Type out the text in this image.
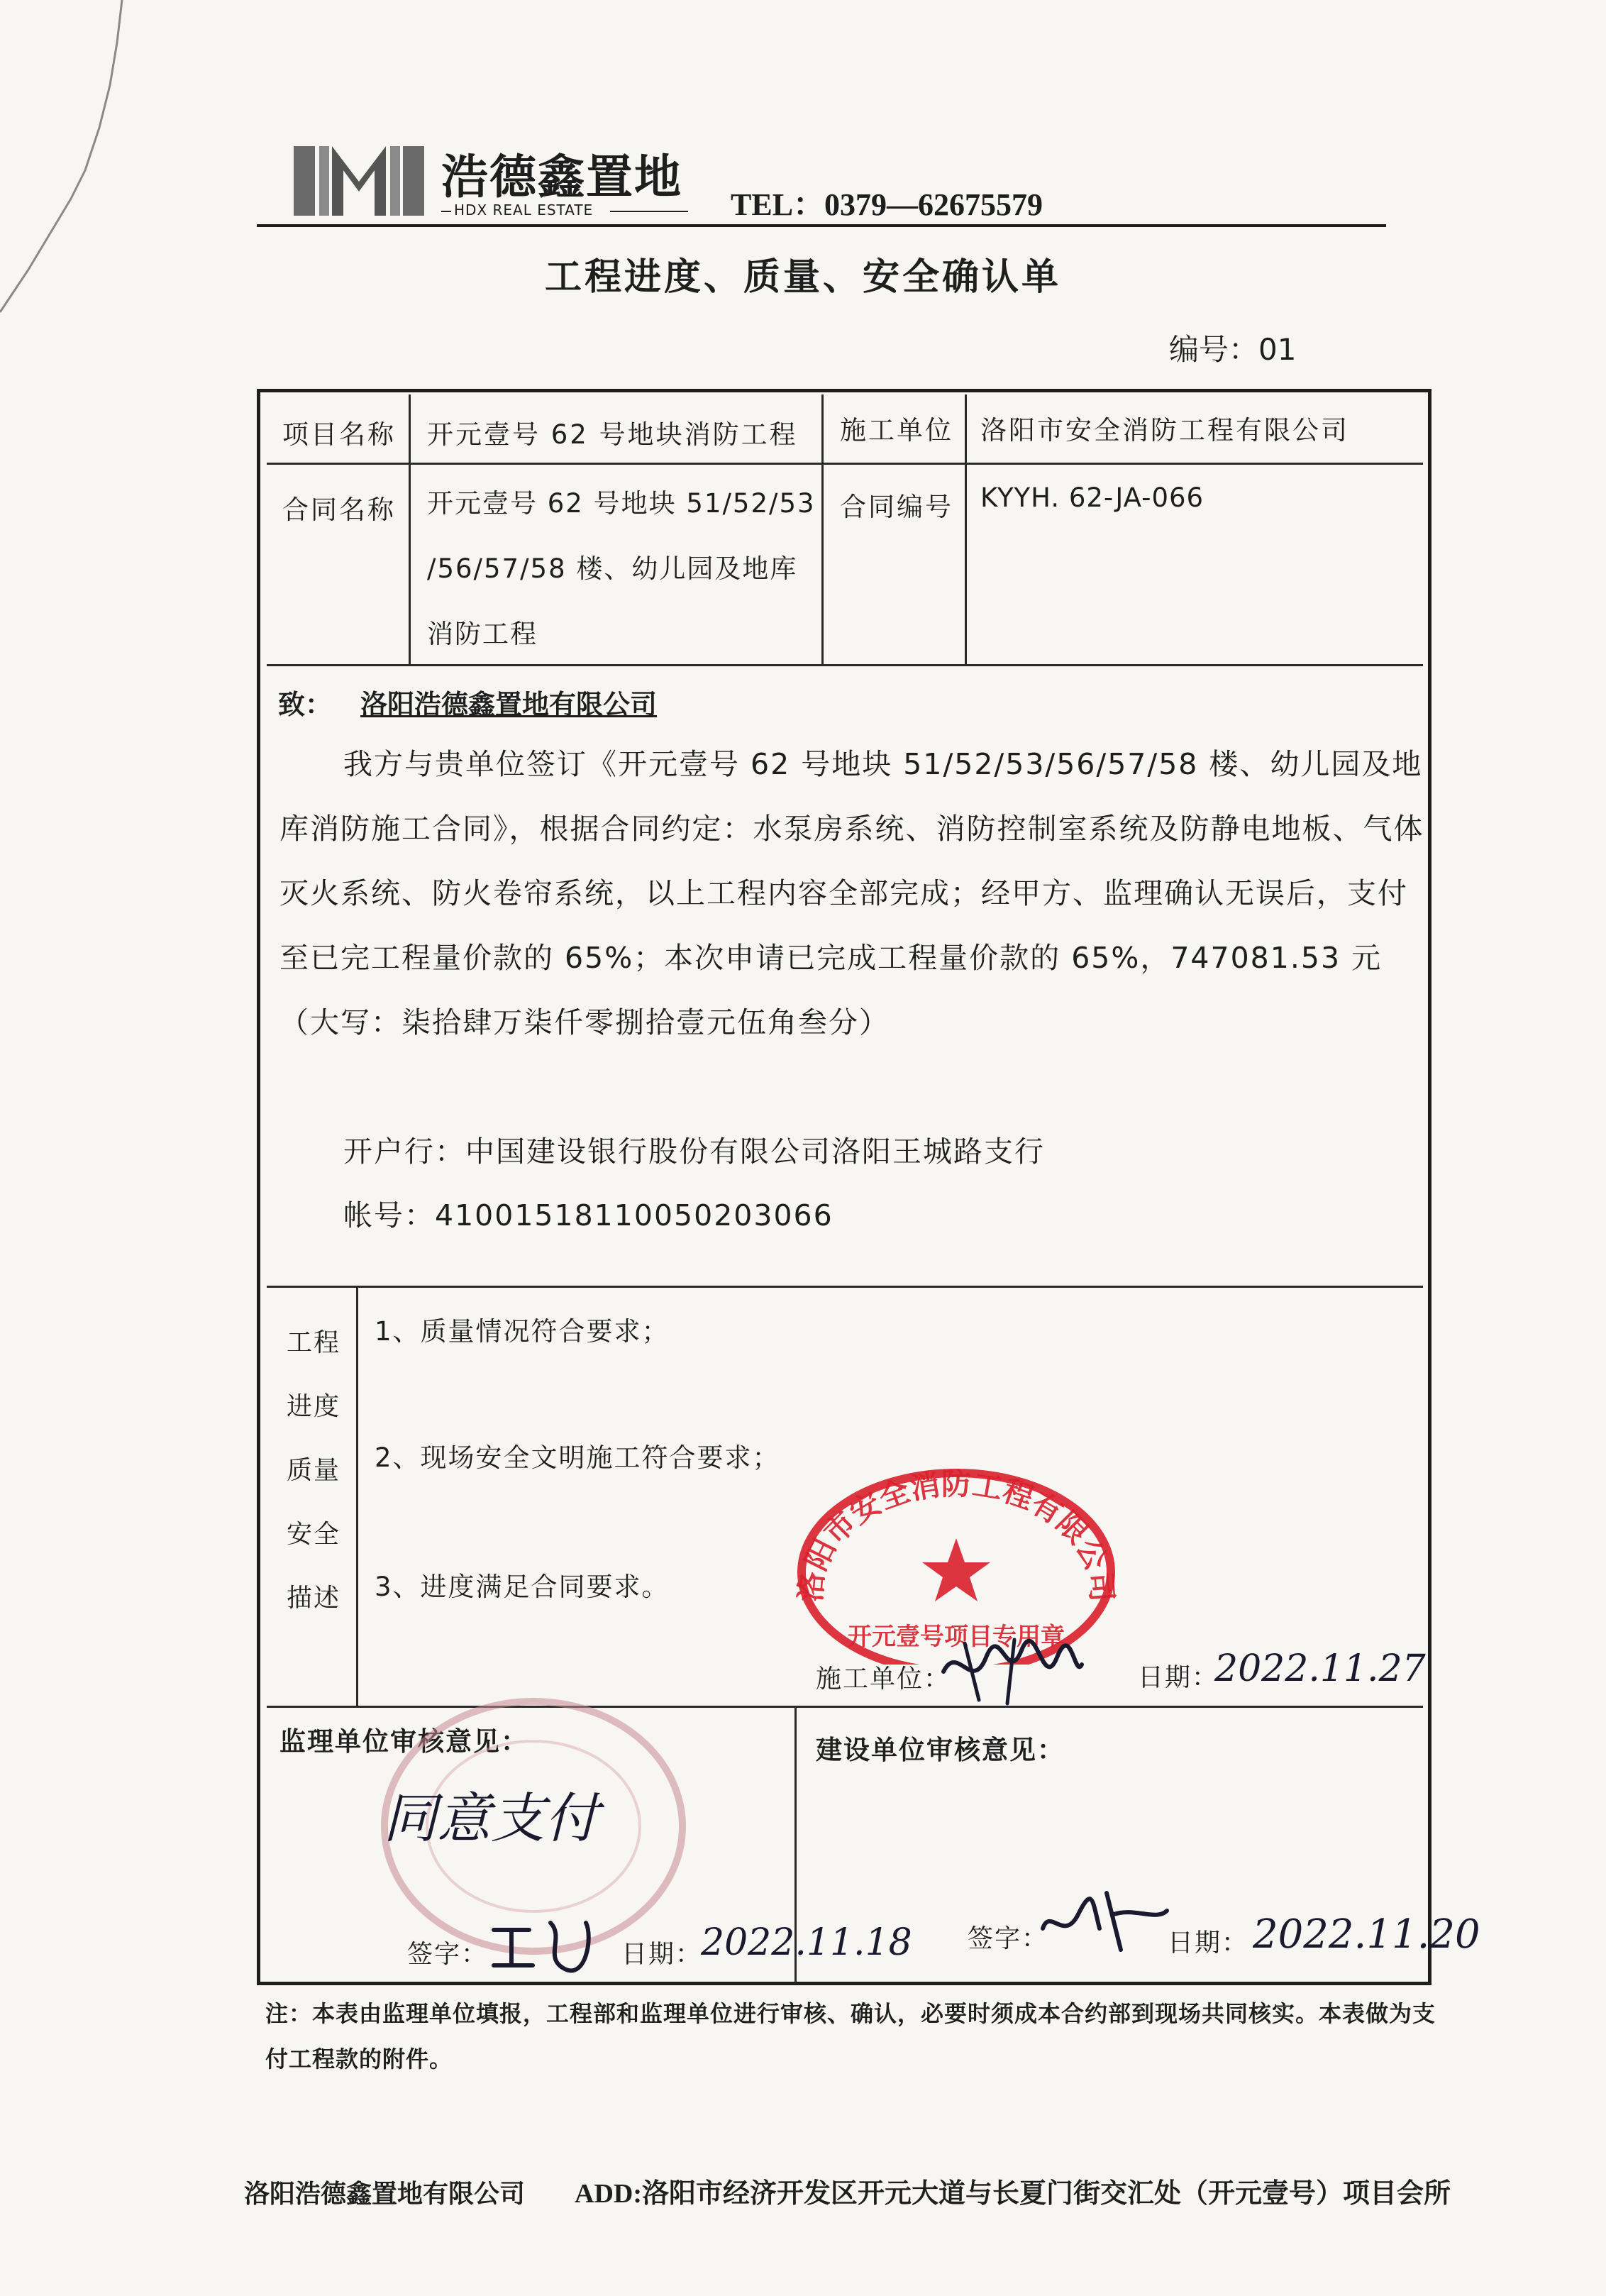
浩德鑫置地
HDX REAL ESTATE	TEL：0379—62675579
工程进度、质量、安全确认单
编号：01
项目名称 开元壹号 62 号地块消防工程 施工单位 洛阳市安全消防工程有限公司
合同名称 开元壹号 62 号地块 51/52/53
/56/57/58 楼、幼儿园及地库
消防工程
合同编号 KYYH. 62-JA-066
致： 洛阳浩德鑫置地有限公司
我方与贵单位签订《开元壹号 62 号地块 51/52/53/56/57/58 楼、幼儿园及地库消防施工合同》，根据合同约定：水泵房系统、消防控制室系统及防静电地板、气体灭火系统、防火卷帘系统，以上工程内容全部完成；经甲方、监理确认无误后，支付至已完工程量价款的 65%；本次申请已完成工程量价款的 65%，747081.53 元（大写：柒拾肆万柒仟零捌拾壹元伍角叁分）
开户行：中国建设银行股份有限公司洛阳王城路支行
帐号：41001518110050203066
工程
进度
质量
安全
描述
1、质量情况符合要求；
2、现场安全文明施工符合要求；
3、进度满足合同要求。	洛阳市安全消防工程有限公司
开元壹号项目专用章
施工单位：	日期：
2022.11.27
监理单位审核意见：	建设单位审核意见：
同意支付
签字：	日期：
2022.11.18 签字：	日期： 2022.11.20
注：本表由监理单位填报，工程部和监理单位进行审核、确认，必要时须成本合约部到现场共同核实。本表做为支付工程款的附件。
洛阳浩德鑫置地有限公司 ADD:洛阳市经济开发区开元大道与长夏门街交汇处（开元壹号）项目会所
